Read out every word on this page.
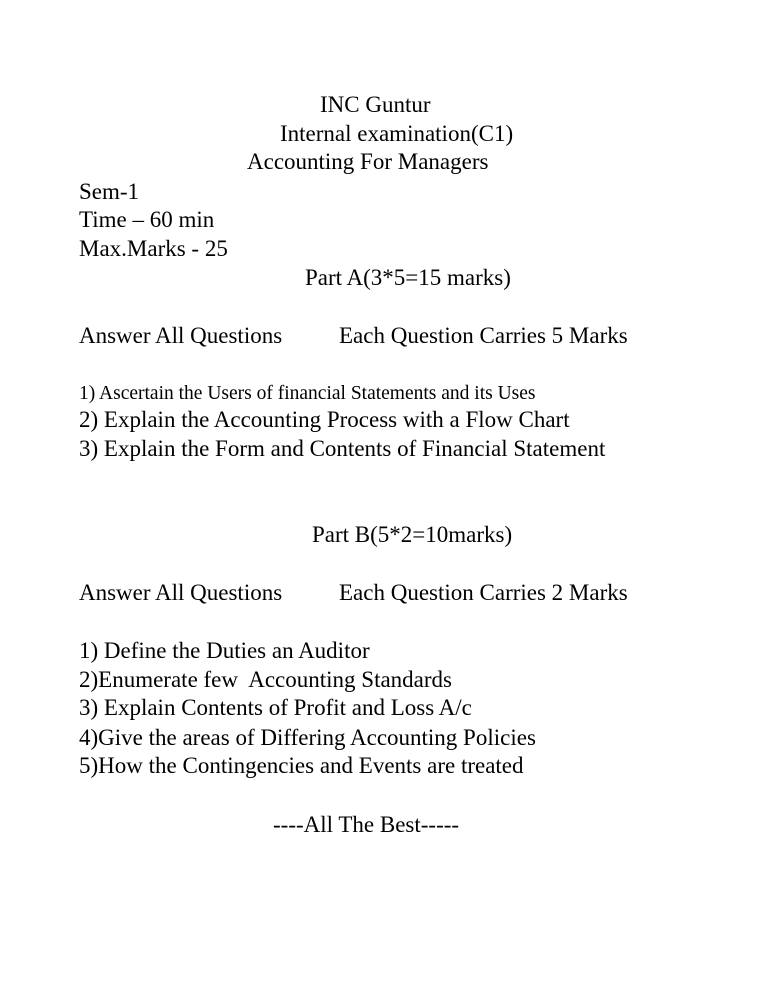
INC Guntur
Internal examination(C1)
Accounting For Managers
Sem-1
Time – 60 min
Max.Marks - 25
Part A(3*5=15 marks)
Answer All Questions Each Question Carries 5 Marks
1) Ascertain the Users of financial Statements and its Uses
2) Explain the Accounting Process with a Flow Chart
3) Explain the Form and Contents of Financial Statement
Part B(5*2=10marks)
Answer All Questions Each Question Carries 2 Marks
1) Define the Duties an Auditor
2)Enumerate few  Accounting Standards
3) Explain Contents of Profit and Loss A/c
4)Give the areas of Differing Accounting Policies
5)How the Contingencies and Events are treated
----All The Best-----
